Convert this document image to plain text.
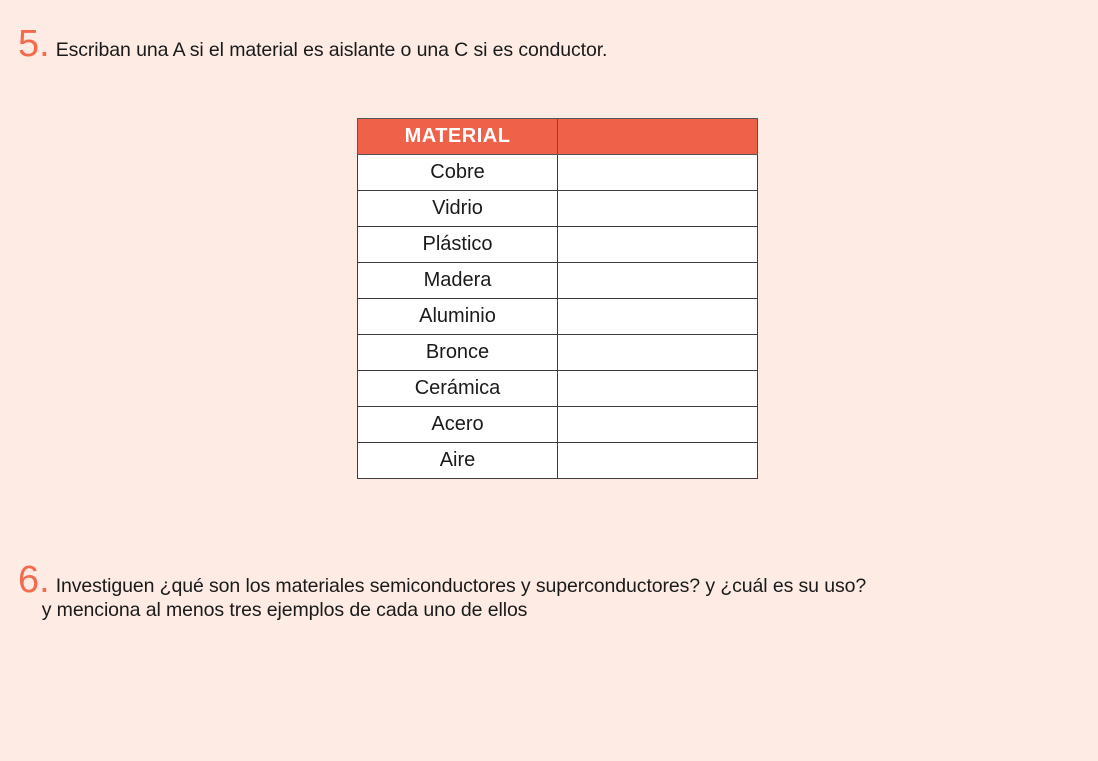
5. Escriban una A si el material es aislante o una C si es conductor.
MATERIAL	
Cobre	
Vidrio	
Plástico	
Madera	
Aluminio	
Bronce	
Cerámica	
Acero	
Aire	
6. Investiguen ¿qué son los materiales semiconductores y superconductores? y ¿cuál es su uso?
y menciona al menos tres ejemplos de cada uno de ellos
